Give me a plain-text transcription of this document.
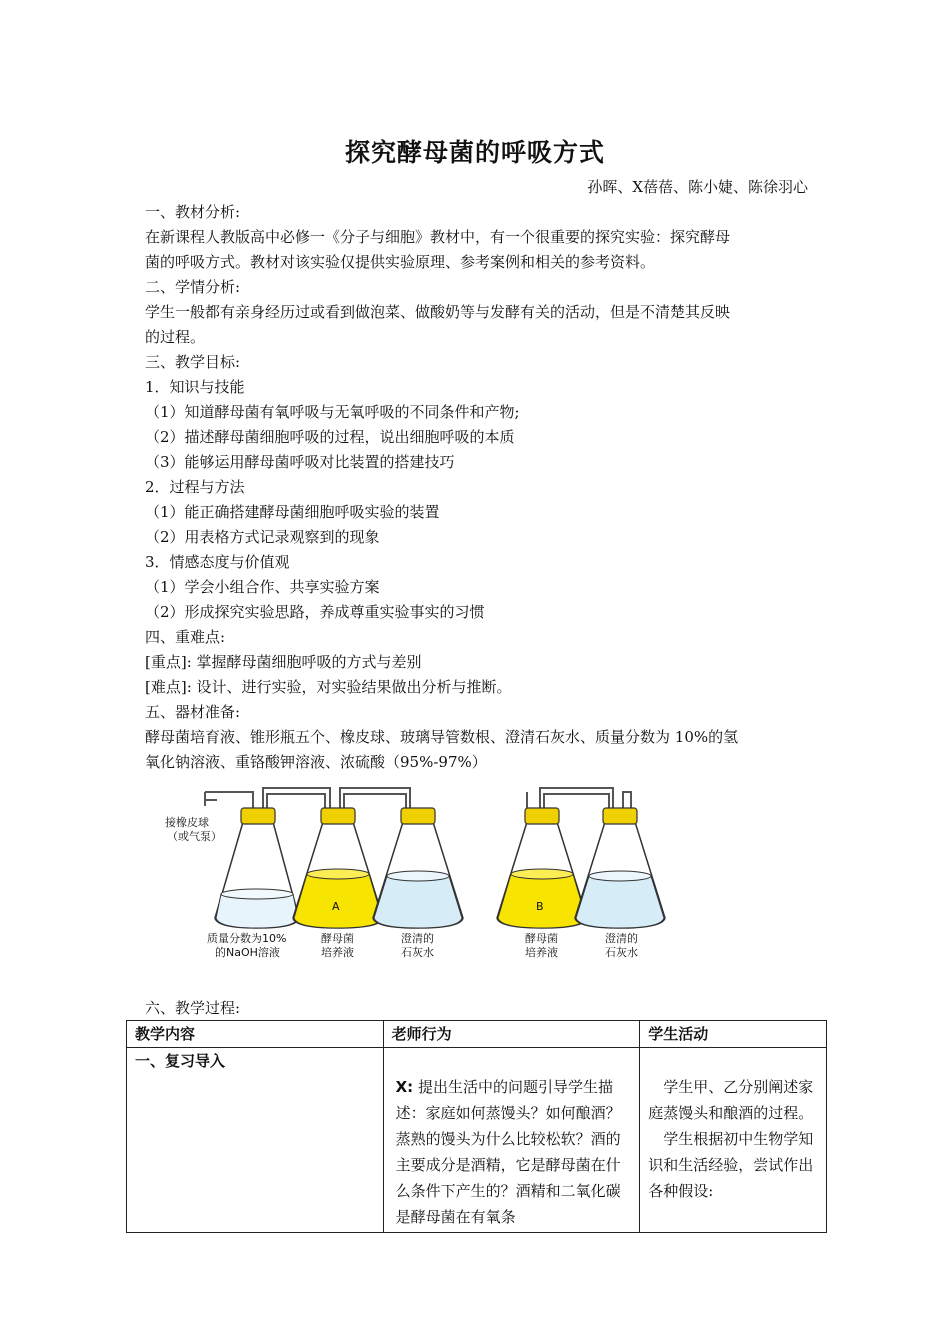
探究酵母菌的呼吸方式
孙晖、X蓓蓓、陈小婕、陈徐羽心

一、教材分析:

在新课程人教版高中必修一《分子与细胞》教材中，有一个很重要的探究实验：探究酵母

菌的呼吸方式。教材对该实验仅提供实验原理、参考案例和相关的参考资料。

二、学情分析:

学生一般都有亲身经历过或看到做泡菜、做酸奶等与发酵有关的活动，但是不清楚其反映

的过程。

三、教学目标:

1．知识与技能

（1）知道酵母菌有氧呼吸与无氧呼吸的不同条件和产物;

（2）描述酵母菌细胞呼吸的过程，说出细胞呼吸的本质

（3）能够运用酵母菌呼吸对比装置的搭建技巧

2．过程与方法

（1）能正确搭建酵母菌细胞呼吸实验的装置

（2）用表格方式记录观察到的现象

3．情感态度与价值观

（1）学会小组合作、共享实验方案

（2）形成探究实验思路，养成尊重实验事实的习惯

四、重难点:

[重点]: 掌握酵母菌细胞呼吸的方式与差别

[难点]: 设计、进行实验，对实验结果做出分析与推断。

五、器材准备:

酵母菌培育液、锥形瓶五个、橡皮球、玻璃导管数根、澄清石灰水、质量分数为 10%的氢

氧化钠溶液、重铬酸钾溶液、浓硫酸（95%-97%）

接橡皮球
（或气泵）
A	B
质量分数为10%
的NaOH溶液
酵母菌
培养液
澄清的
石灰水
酵母菌
培养液
澄清的
石灰水
六、教学过程:
教学内容	老师行为	学生活动
一、复习导入	X: 提出生活中的问题引导学生描述：家庭如何蒸馒头？如何酿酒？蒸熟的馒头为什么比较松软？酒的主要成分是酒精，它是酵母菌在什么条件下产生的？酒精和二氧化碳是酵母菌在有氧条	学生甲、乙分别阐述家庭蒸馒头和酿酒的过程。
学生根据初中生物学知识和生活经验，尝试作出各种假设:
